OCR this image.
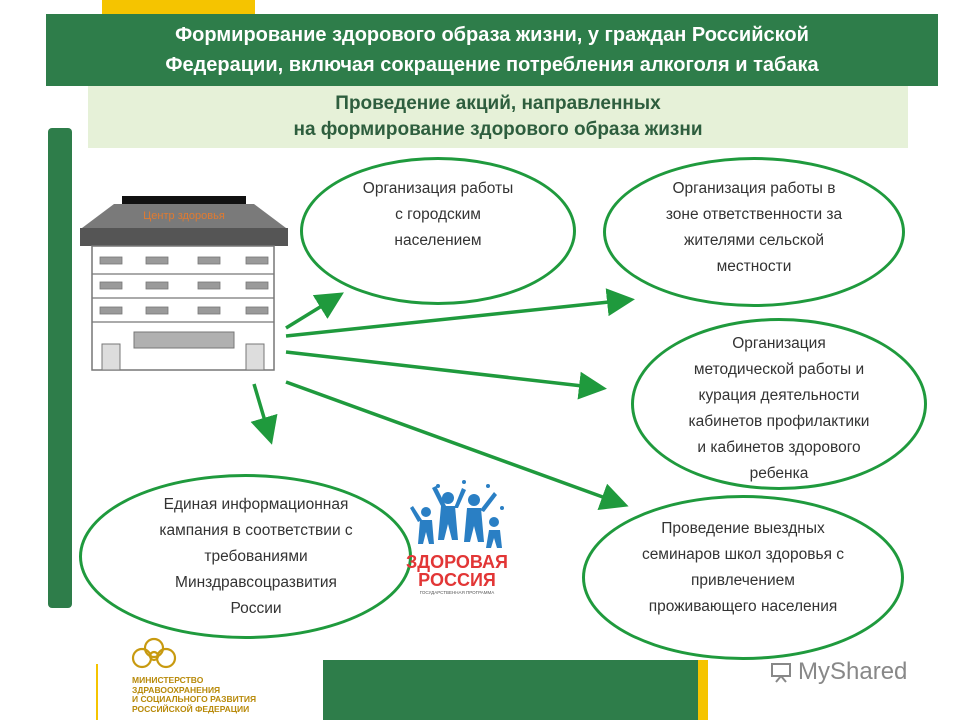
Формирование здорового образа жизни, у граждан Российской
Федерации, включая сокращение потребления алкоголя и табака
Проведение акций, направленных
на формирование здорового образа жизни
Центр здоровья
Организация работы
с городским
населением
Организация работы в
зоне ответственности за
жителями сельской
местности
Организация
методической работы и
курация деятельности
кабинетов профилактики
и кабинетов здорового
ребенка
Единая информационная
кампания в соответствии с
требованиями
Минздравсоцразвития
России
Проведение выездных
семинаров школ здоровья с
привлечением
проживающего населения
ЗДОРОВАЯ
РОССИЯ
ГОСУДАРСТВЕННАЯ ПРОГРАММА
МИНИСТЕРСТВО
ЗДРАВООХРАНЕНИЯ
И СОЦИАЛЬНОГО РАЗВИТИЯ
РОССИЙСКОЙ ФЕДЕРАЦИИ
MyShared
